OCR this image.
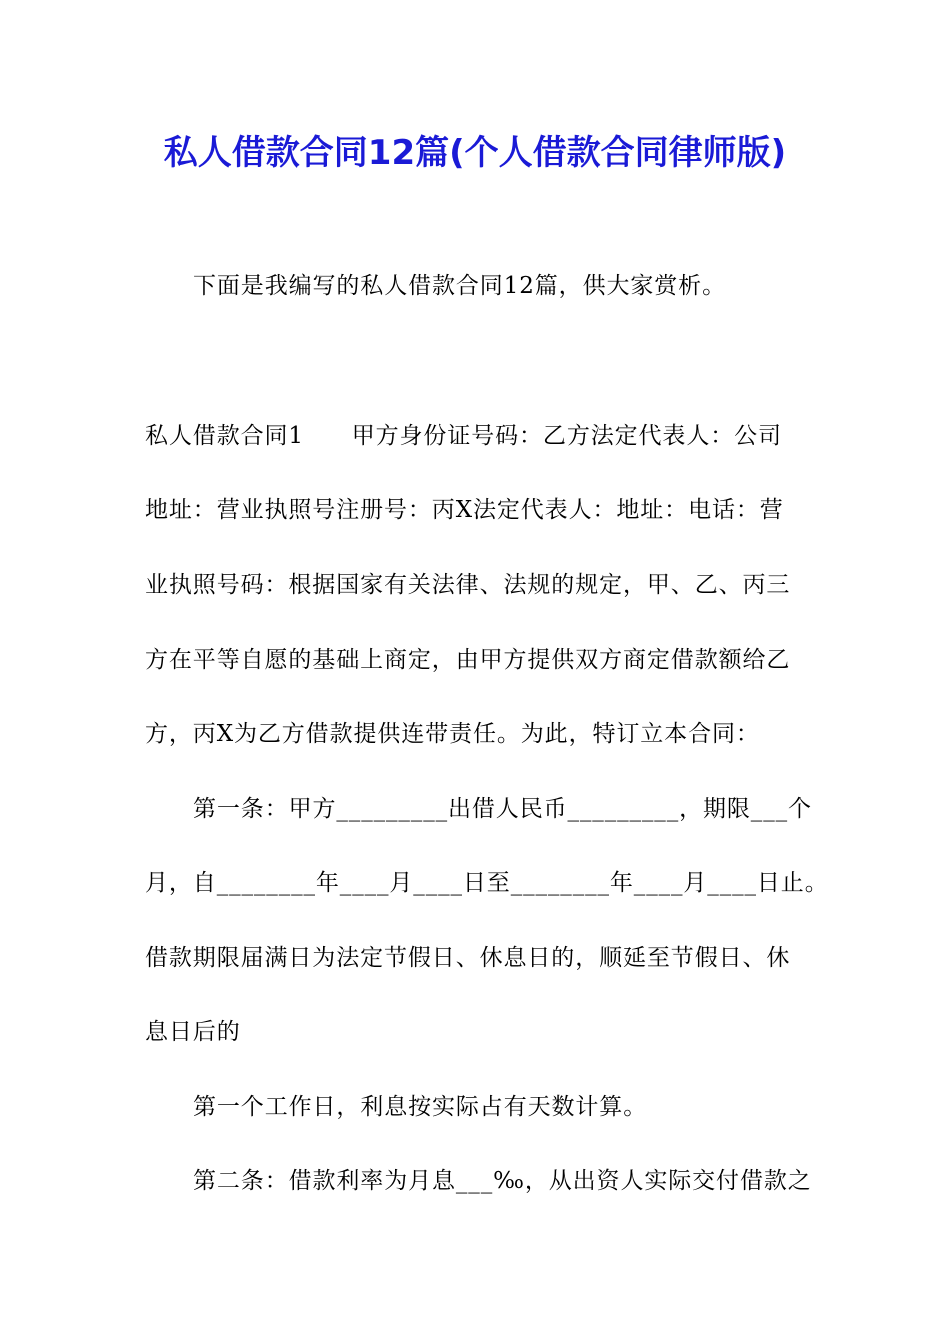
私人借款合同12篇(个人借款合同律师版)
下面是我编写的私人借款合同12篇，供大家赏析。
私人借款合同1　　甲方身份证号码：乙方法定代表人：公司
地址：营业执照号注册号：丙X法定代表人：地址：电话：营
业执照号码：根据国家有关法律、法规的规定，甲、乙、丙三
方在平等自愿的基础上商定，由甲方提供双方商定借款额给乙
方，丙X为乙方借款提供连带责任。为此，特订立本合同：
第一条：甲方_________出借人民币_________，期限___个
月，自________年____月____日至________年____月____日止。
借款期限届满日为法定节假日、休息日的，顺延至节假日、休
息日后的
第一个工作日，利息按实际占有天数计算。
第二条：借款利率为月息___‰，从出资人实际交付借款之
